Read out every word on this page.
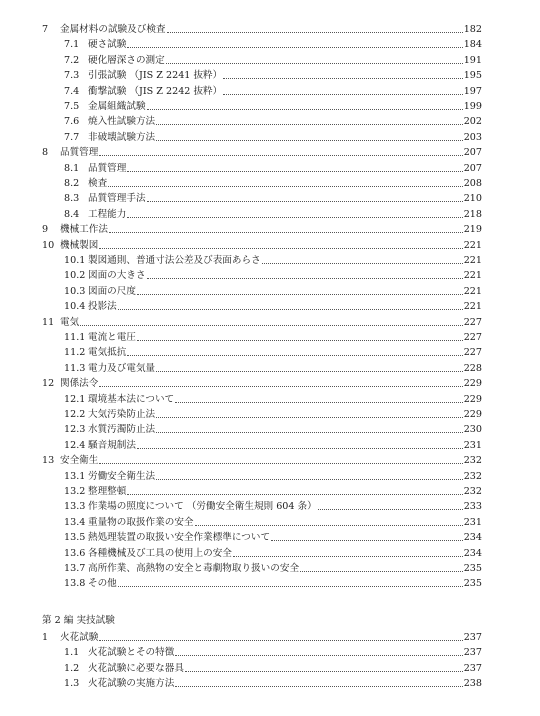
7	金属材料の試験及び検査	182
7.1 硬さ試験	184
7.2 硬化層深さの測定	191
7.3 引張試験 （JIS Z 2241 抜粋）	195
7.4 衝撃試験 （JIS Z 2242 抜粋）	197
7.5 金属組織試験	199
7.6 焼入性試験方法	202
7.7 非破壊試験方法	203
8	品質管理	207
8.1 品質管理	207
8.2 検査	208
8.3 品質管理手法	210
8.4 工程能力	218
9	機械工作法	219
10 機械製図	221
10.1 製図通則、普通寸法公差及び表面あらさ	221
10.2 図面の大きさ	221
10.3 図面の尺度	221
10.4 投影法	221
11 電気	227
11.1 電流と電圧	227
11.2 電気抵抗	227
11.3 電力及び電気量	228
12 関係法令	229
12.1 環境基本法について	229
12.2 大気汚染防止法	229
12.3 水質汚濁防止法	230
12.4 騒音規制法	231
13 安全衛生	232
13.1 労働安全衛生法	232
13.2 整理整頓	232
13.3 作業場の照度について （労働安全衛生規則 604 条）	233
13.4 重量物の取扱作業の安全	231
13.5 熱処理装置の取扱い安全作業標準について	234
13.6 各種機械及び工具の使用上の安全	234
13.7 高所作業、高熱物の安全と毒劇物取り扱いの安全	235
13.8 その他	235
第 2 編 実技試験
1	火花試験	237
1.1 火花試験とその特徴	237
1.2 火花試験に必要な器具	237
1.3 火花試験の実施方法	238
